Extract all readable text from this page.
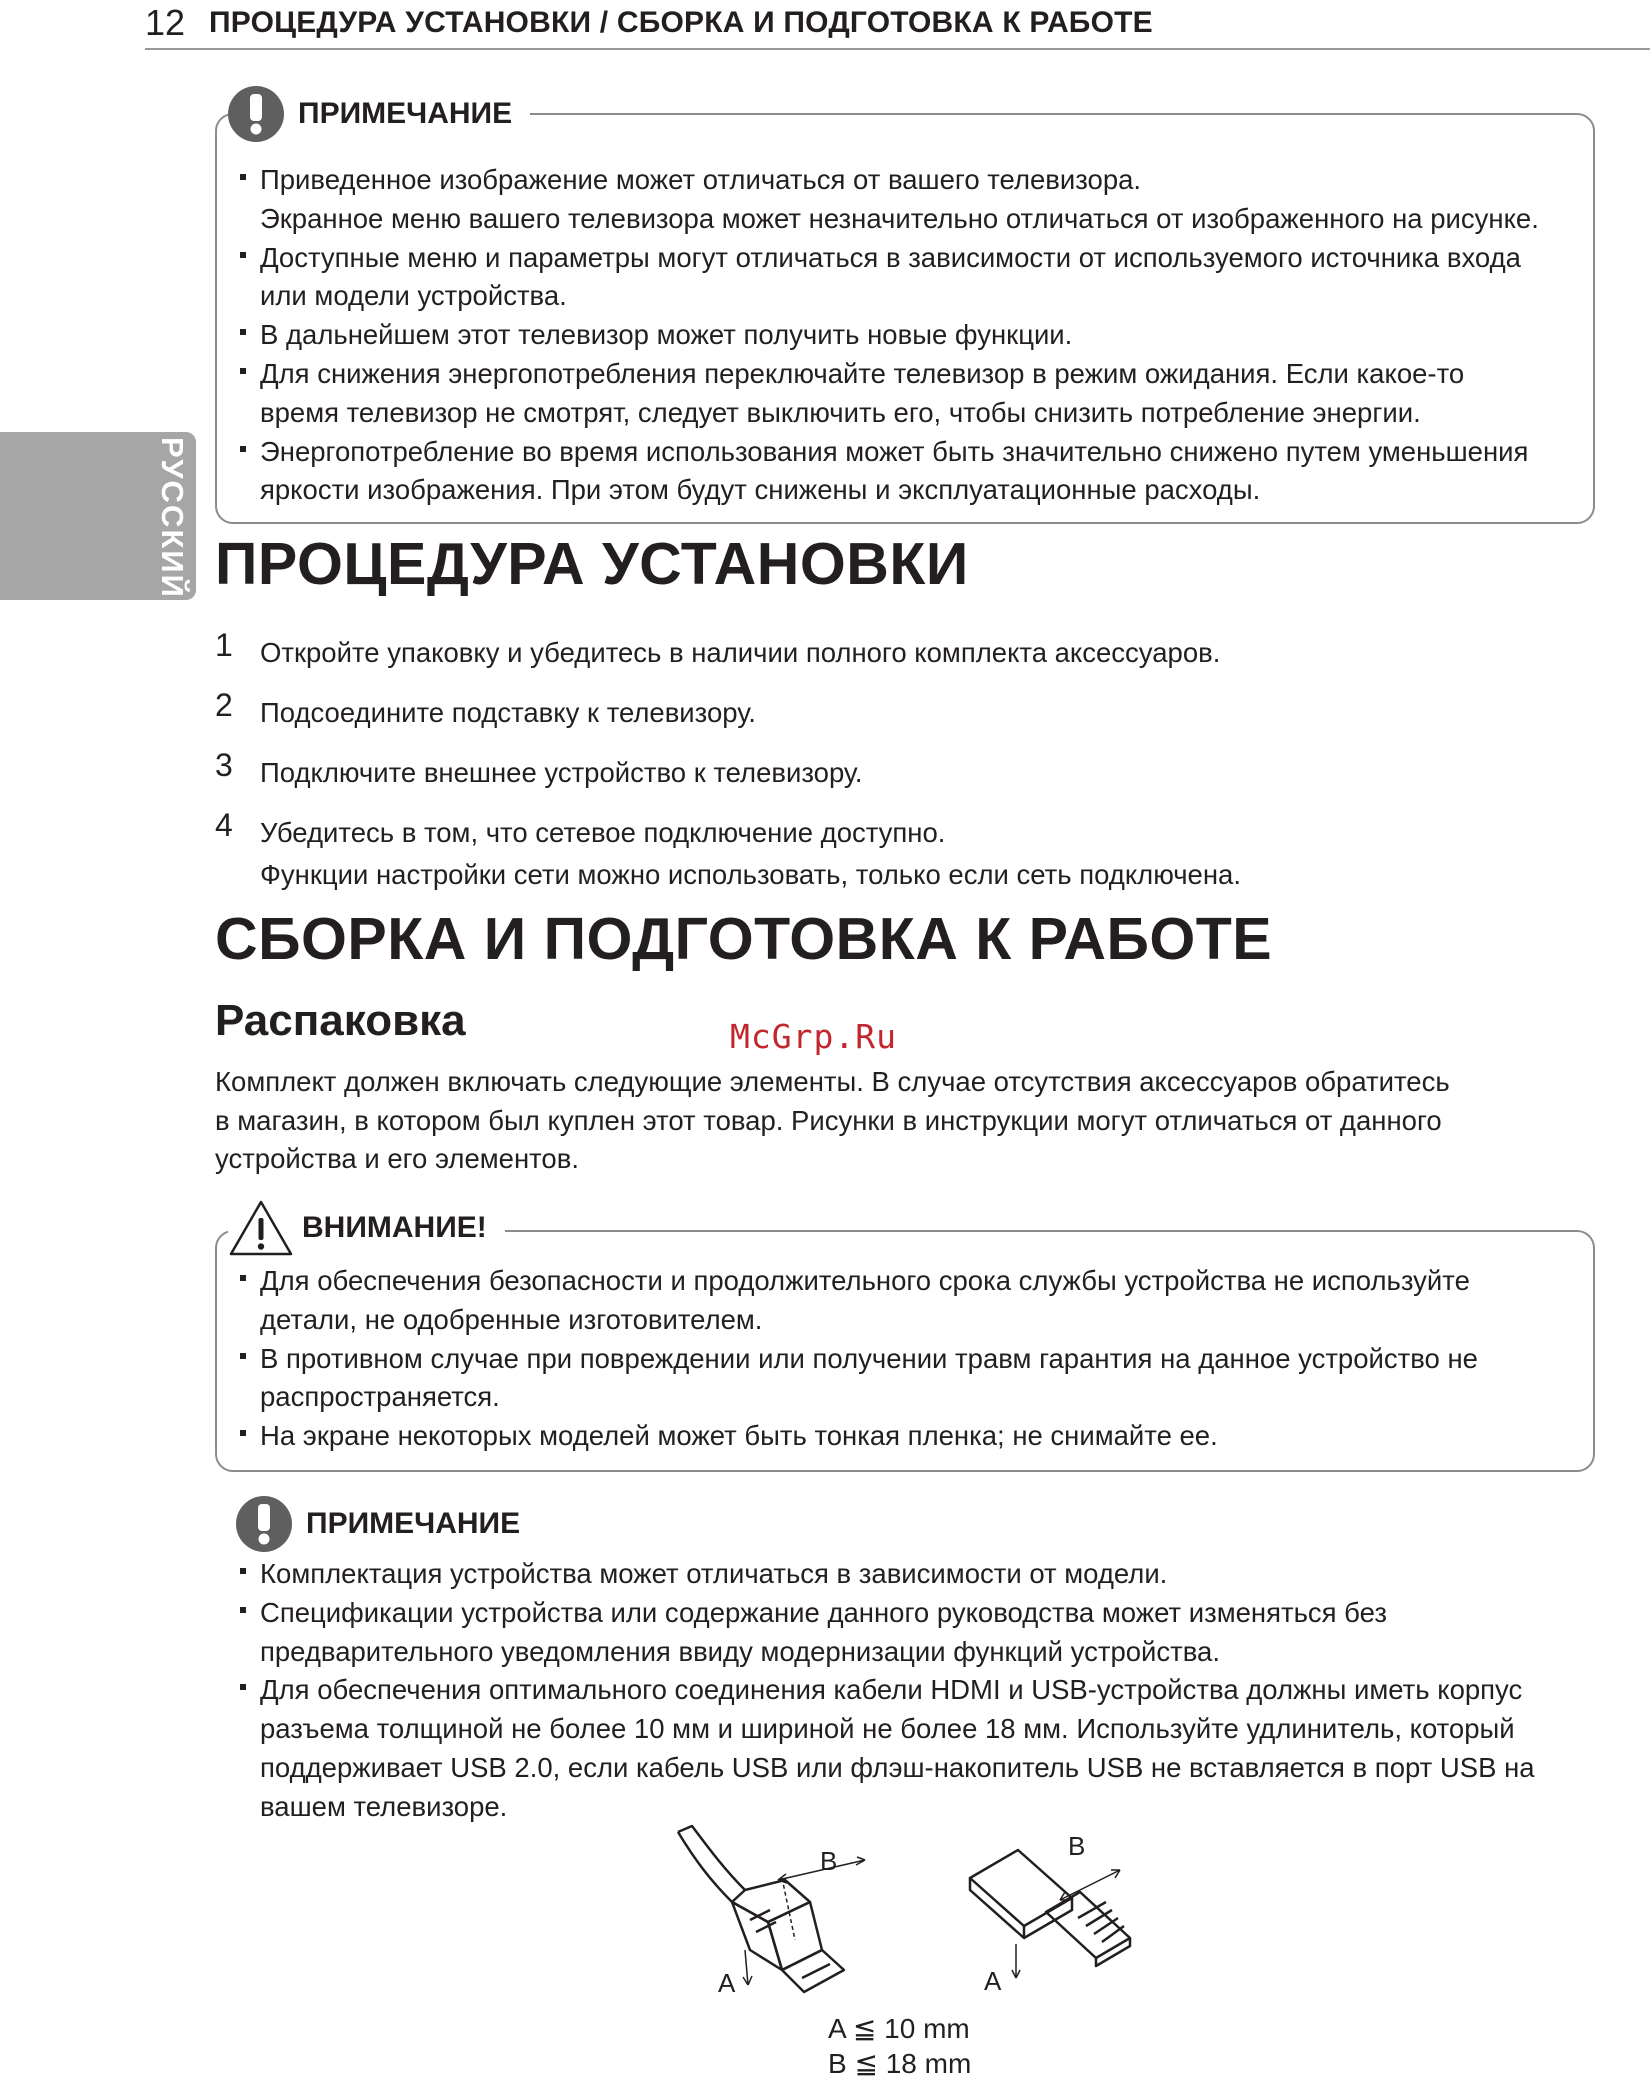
12 ПРОЦЕДУРА УСТАНОВКИ / СБОРКА И ПОДГОТОВКА К РАБОТЕ
РУССКИЙ
ПРИМЕЧАНИЕ
Приведенное изображение может отличаться от вашего телевизора.
Экранное меню вашего телевизора может незначительно отличаться от изображенного на рисунке.
Доступные меню и параметры могут отличаться в зависимости от используемого источника входа
или модели устройства.
В дальнейшем этот телевизор может получить новые функции.
Для снижения энергопотребления переключайте телевизор в режим ожидания. Если какое-то
время телевизор не смотрят, следует выключить его, чтобы снизить потребление энергии.
Энергопотребление во время использования может быть значительно снижено путем уменьшения
яркости изображения. При этом будут снижены и эксплуатационные расходы.
ПРОЦЕДУРА УСТАНОВКИ
1 Откройте упаковку и убедитесь в наличии полного комплекта аксессуаров.
2 Подсоедините подставку к телевизору.
3 Подключите внешнее устройство к телевизору.
4 Убедитесь в том, что сетевое подключение доступно.
Функции настройки сети можно использовать, только если сеть подключена.
СБОРКА И ПОДГОТОВКА К РАБОТЕ
Распаковка	McGrp.Ru
Комплект должен включать следующие элементы. В случае отсутствия аксессуаров обратитесь
в магазин, в котором был куплен этот товар. Рисунки в инструкции могут отличаться от данного
устройства и его элементов.
ВНИМАНИЕ!
Для обеспечения безопасности и продолжительного срока службы устройства не используйте
детали, не одобренные изготовителем.
В противном случае при повреждении или получении травм гарантия на данное устройство не
распространяется.
На экране некоторых моделей может быть тонкая пленка; не снимайте ее.
ПРИМЕЧАНИЕ
Комплектация устройства может отличаться в зависимости от модели.
Спецификации устройства или содержание данного руководства может изменяться без
предварительного уведомления ввиду модернизации функций устройства.
Для обеспечения оптимального соединения кабели HDMI и USB-устройства должны иметь корпус
разъема толщиной не более 10 мм и шириной не более 18 мм. Используйте удлинитель, который
поддерживает USB 2.0, если кабель USB или флэш-накопитель USB не вставляется в порт USB на
вашем телевизоре.
B
A
B
A
A ≦ 10 mm
B ≦ 18 mm
